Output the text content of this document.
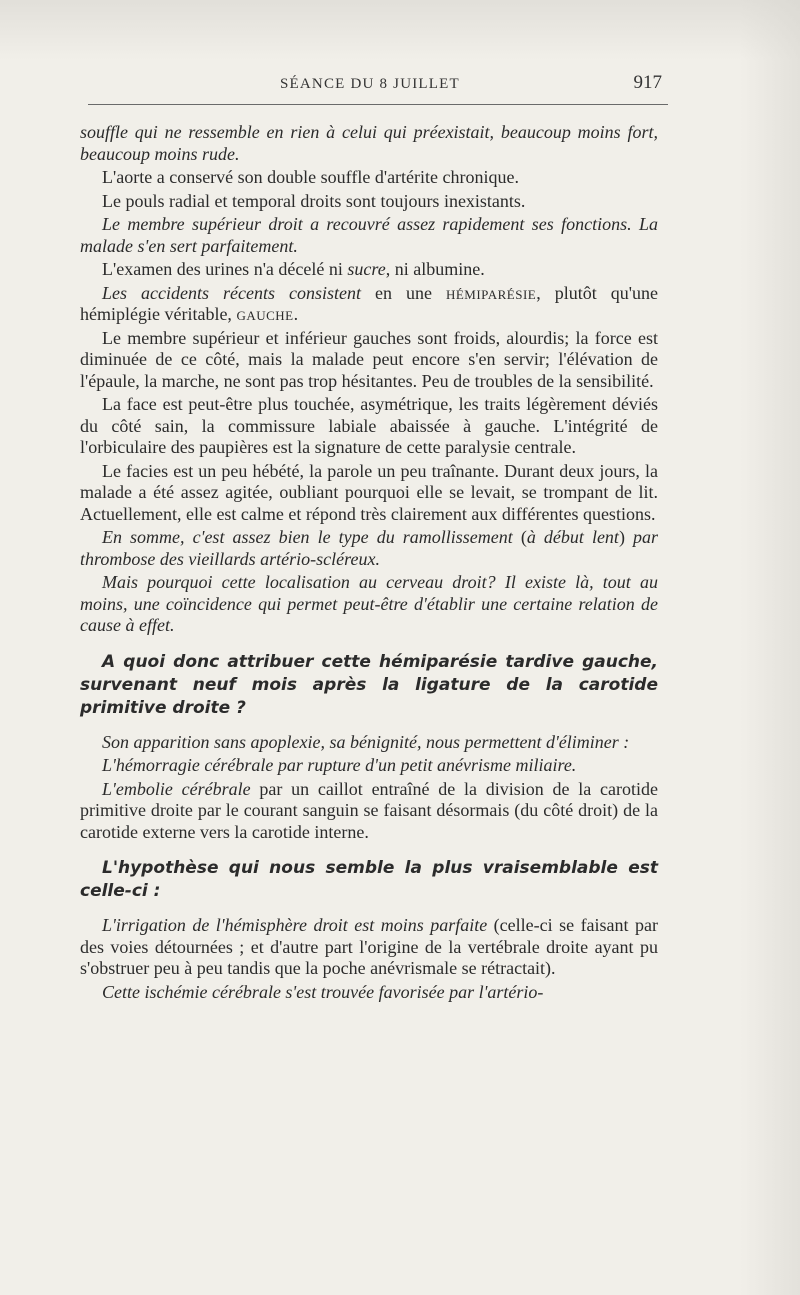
SÉANCE DU 8 JUILLET	917

souffle qui ne ressemble en rien à celui qui préexistait, beaucoup moins fort, beaucoup moins rude.

L'aorte a conservé son double souffle d'artérite chronique.

Le pouls radial et temporal droits sont toujours inexistants.

Le membre supérieur droit a recouvré assez rapidement ses fonctions. La malade s'en sert parfaitement.

L'examen des urines n'a décelé ni sucre, ni albumine.

Les accidents récents consistent en une hémiparésie, plutôt qu'une hémiplégie véritable, gauche.

Le membre supérieur et inférieur gauches sont froids, alourdis; la force est diminuée de ce côté, mais la malade peut encore s'en servir; l'élévation de l'épaule, la marche, ne sont pas trop hésitantes. Peu de troubles de la sensibilité.

La face est peut-être plus touchée, asymétrique, les traits légèrement déviés du côté sain, la commissure labiale abaissée à gauche. L'intégrité de l'orbiculaire des paupières est la signature de cette paralysie centrale.

Le facies est un peu hébété, la parole un peu traînante. Durant deux jours, la malade a été assez agitée, oubliant pourquoi elle se levait, se trompant de lit. Actuellement, elle est calme et répond très clairement aux différentes questions.

En somme, c'est assez bien le type du ramollissement (à début lent) par thrombose des vieillards artério-scléreux.

Mais pourquoi cette localisation au cerveau droit? Il existe là, tout au moins, une coïncidence qui permet peut-être d'établir une certaine relation de cause à effet.

A quoi donc attribuer cette hémiparésie tardive gauche, survenant neuf mois après la ligature de la carotide primitive droite ?

Son apparition sans apoplexie, sa bénignité, nous permettent d'éliminer :

L'hémorragie cérébrale par rupture d'un petit anévrisme miliaire.

L'embolie cérébrale par un caillot entraîné de la division de la carotide primitive droite par le courant sanguin se faisant désormais (du côté droit) de la carotide externe vers la carotide interne.

L'hypothèse qui nous semble la plus vraisemblable est celle-ci :

L'irrigation de l'hémisphère droit est moins parfaite (celle-ci se faisant par des voies détournées ; et d'autre part l'origine de la vertébrale droite ayant pu s'obstruer peu à peu tandis que la poche anévrismale se rétractait).

Cette ischémie cérébrale s'est trouvée favorisée par l'artério-
